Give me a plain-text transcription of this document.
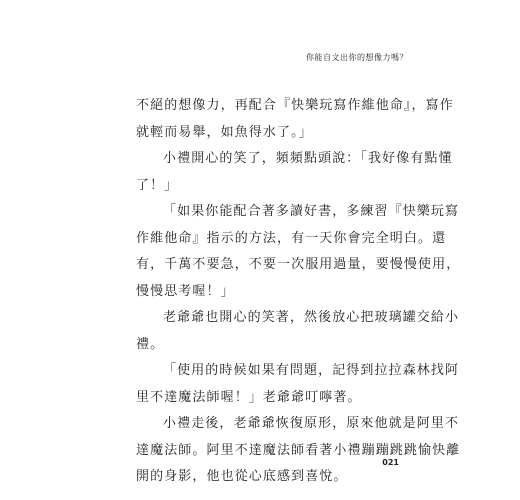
你能自文出你的想像力嗎？
不絕的想像力，再配合『快樂玩寫作維他命』，寫作
就輕而易舉，如魚得水了。」
小禮開心的笑了，頻頻點頭說：「我好像有點懂
了！」
「如果你能配合著多讀好書，多練習『快樂玩寫
作維他命』指示的方法，有一天你會完全明白。還
有，千萬不要急，不要一次服用過量，要慢慢使用，
慢慢思考喔！」
老爺爺也開心的笑著，然後放心把玻璃罐交給小
禮。
「使用的時候如果有問題，記得到拉拉森林找阿
里不達魔法師喔！」老爺爺叮嚀著。
小禮走後，老爺爺恢復原形，原來他就是阿里不
達魔法師。阿里不達魔法師看著小禮蹦蹦跳跳愉快離
開的身影，他也從心底感到喜悅。
021
